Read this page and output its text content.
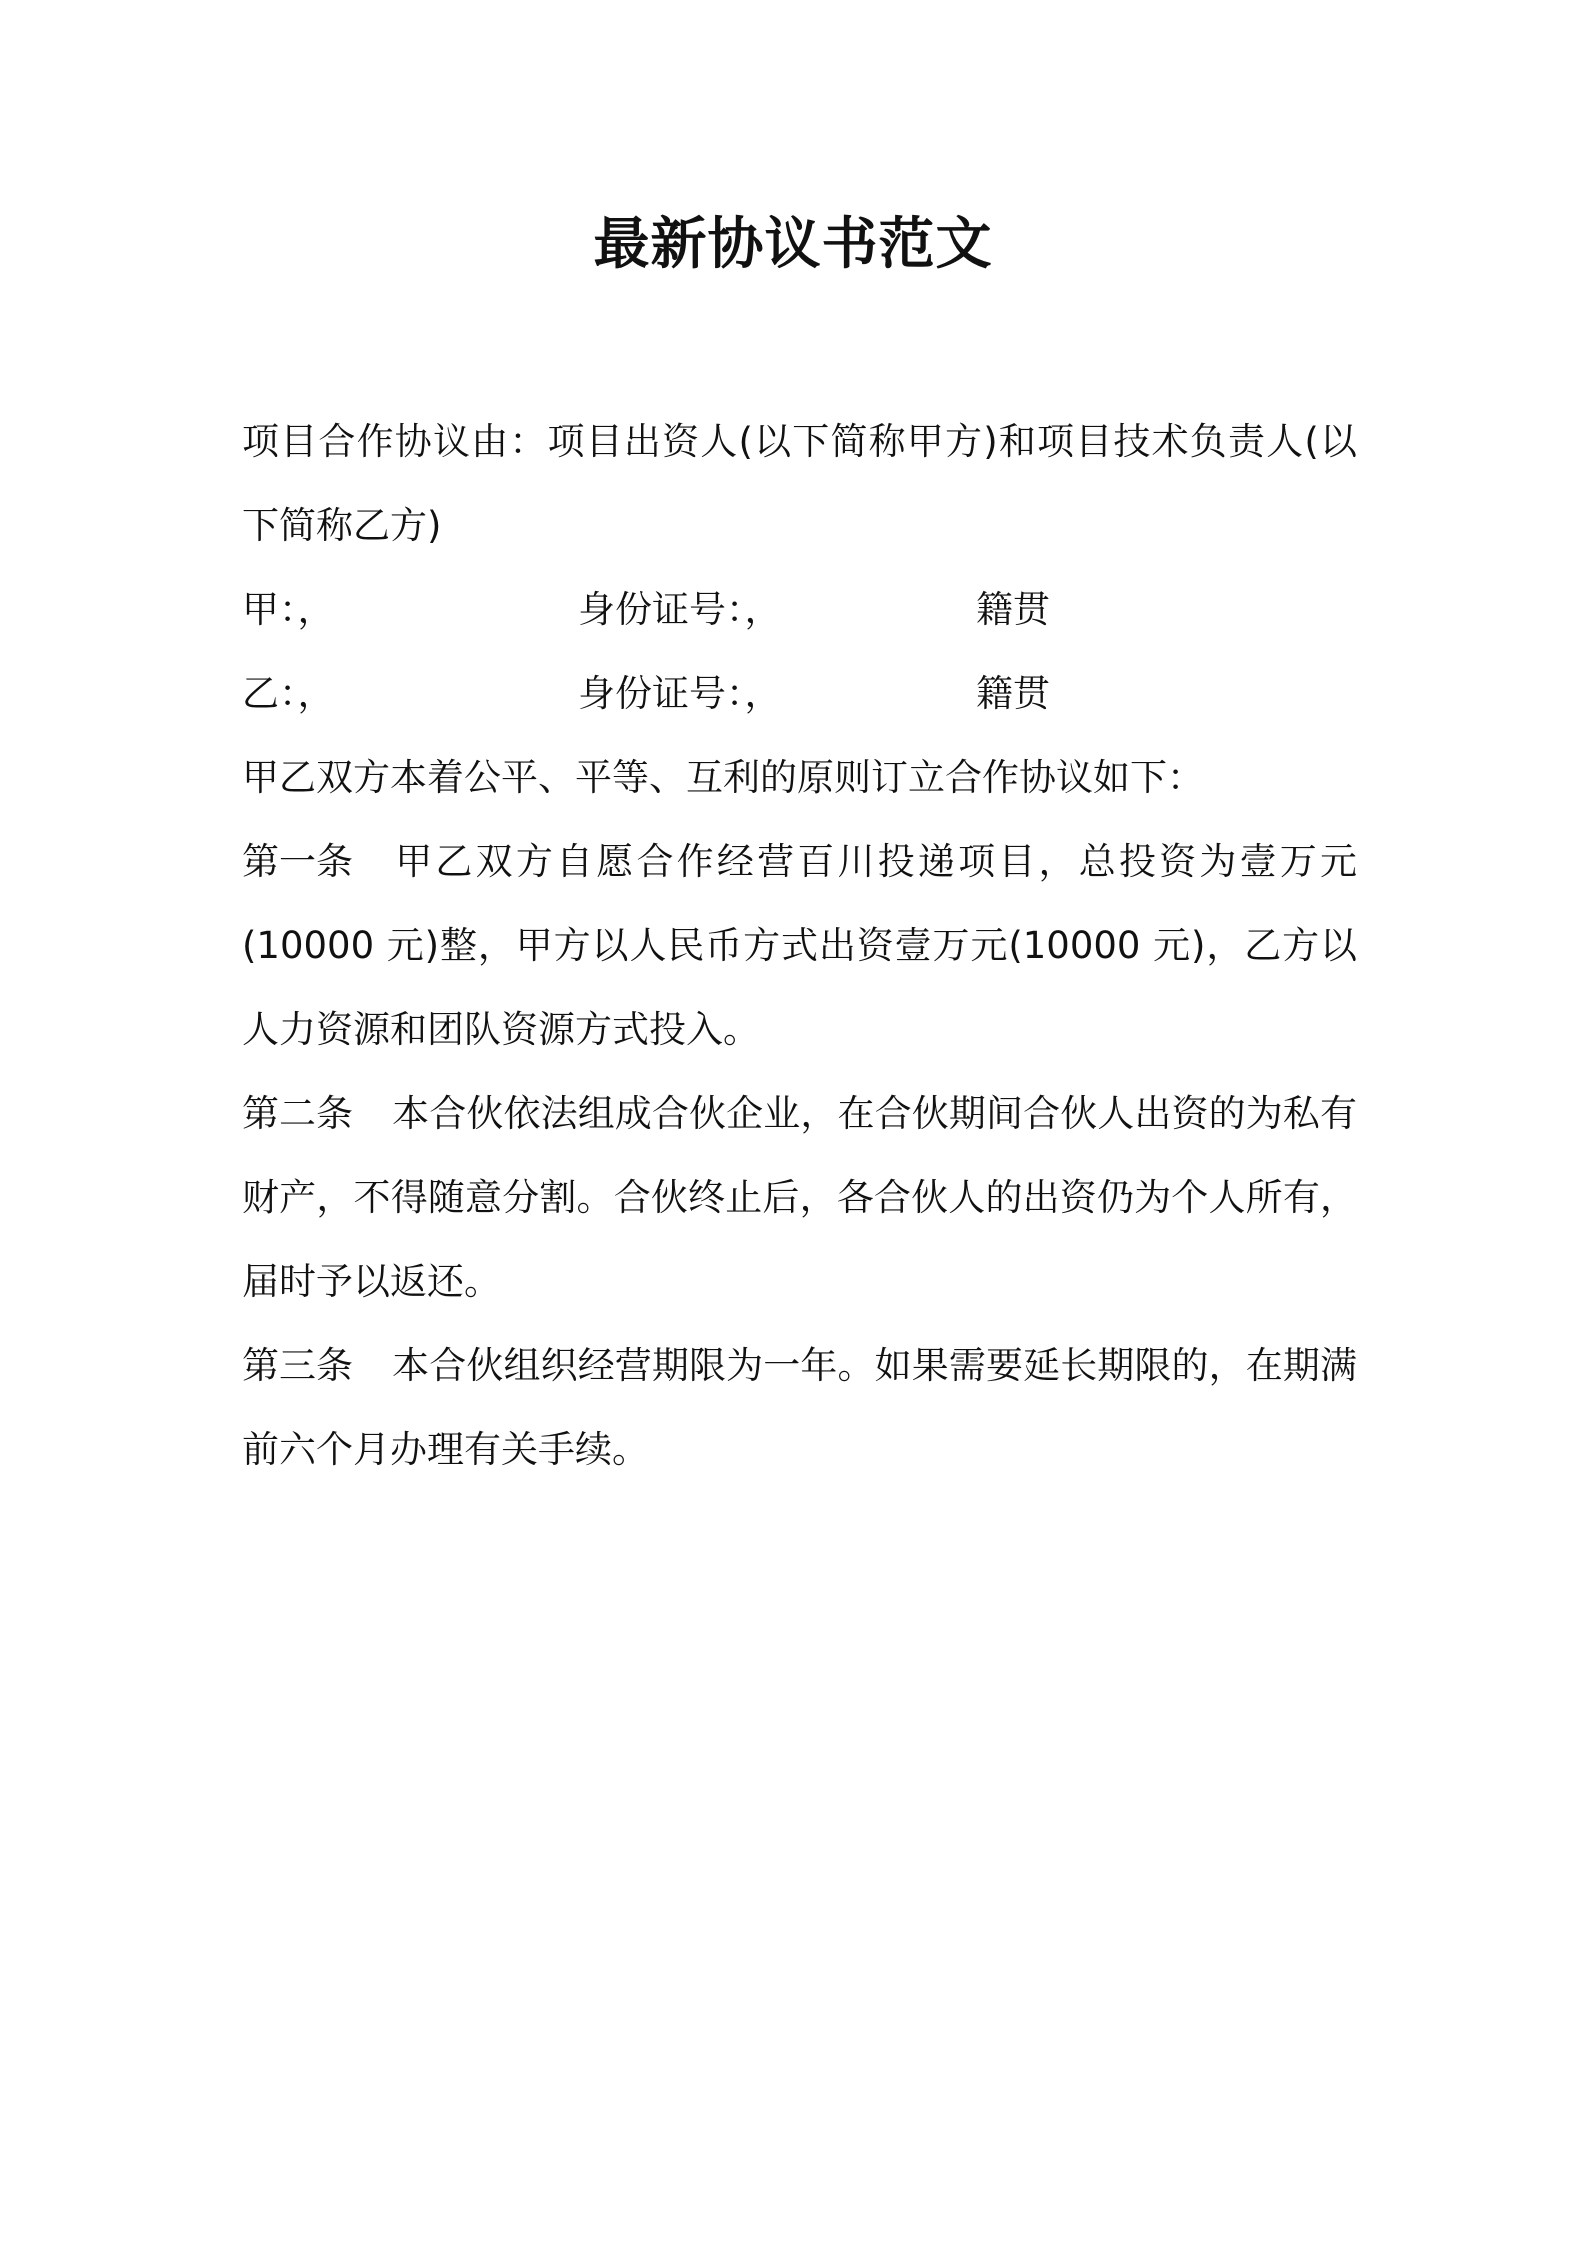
最新协议书范文

项目合作协议由：项目出资人(以下简称甲方)和项目技术负责人(以下简称乙方)

甲：，	身份证号：，	籍贯
乙：，	身份证号：，	籍贯

甲乙双方本着公平、平等、互利的原则订立合作协议如下：

第一条 甲乙双方自愿合作经营百川投递项目，总投资为壹万元(10000 元)整，甲方以人民币方式出资壹万元(10000 元)，乙方以人力资源和团队资源方式投入。

第二条 本合伙依法组成合伙企业，在合伙期间合伙人出资的为私有财产，不得随意分割。合伙终止后，各合伙人的出资仍为个人所有，届时予以返还。

第三条 本合伙组织经营期限为一年。如果需要延长期限的，在期满前六个月办理有关手续。
